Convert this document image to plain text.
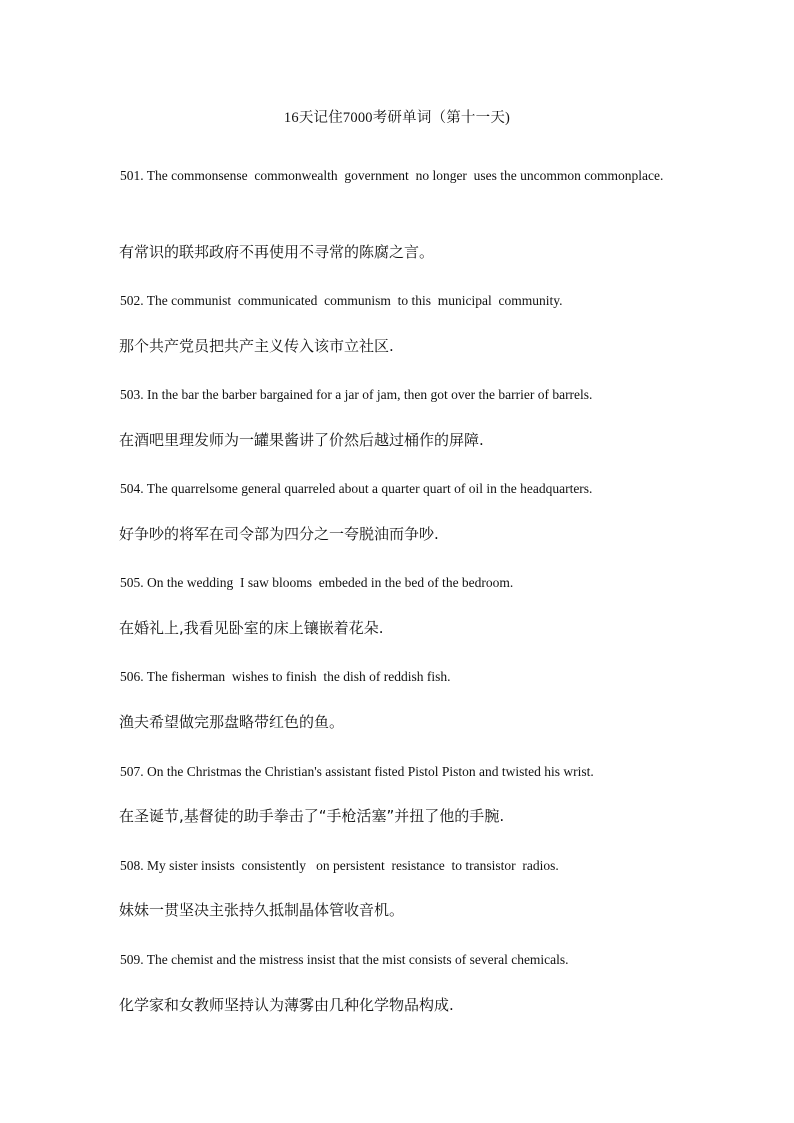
16天记住7000考研单词（第十一天)
501. The commonsense  commonwealth  government  no longer  uses the uncommon commonplace.
有常识的联邦政府不再使用不寻常的陈腐之言。
502. The communist  communicated  communism  to this  municipal  community.
那个共产党员把共产主义传入该市立社区.
503. In the bar the barber bargained for a jar of jam, then got over the barrier of barrels.
在酒吧里理发师为一罐果酱讲了价然后越过桶作的屏障.
504. The quarrelsome general quarreled about a quarter quart of oil in the headquarters.
好争吵的将军在司令部为四分之一夸脱油而争吵.
505. On the wedding  I saw blooms  embeded in the bed of the bedroom.
在婚礼上,我看见卧室的床上镶嵌着花朵.
506. The fisherman  wishes to finish  the dish of reddish fish.
渔夫希望做完那盘略带红色的鱼。
507. On the Christmas the Christian's assistant fisted Pistol Piston and twisted his wrist.
在圣诞节,基督徒的助手拳击了“手枪活塞”并扭了他的手腕.
508. My sister insists  consistently   on persistent  resistance  to transistor  radios.
妹妹一贯坚决主张持久抵制晶体管收音机。
509. The chemist and the mistress insist that the mist consists of several chemicals.
化学家和女教师坚持认为薄雾由几种化学物品构成.
